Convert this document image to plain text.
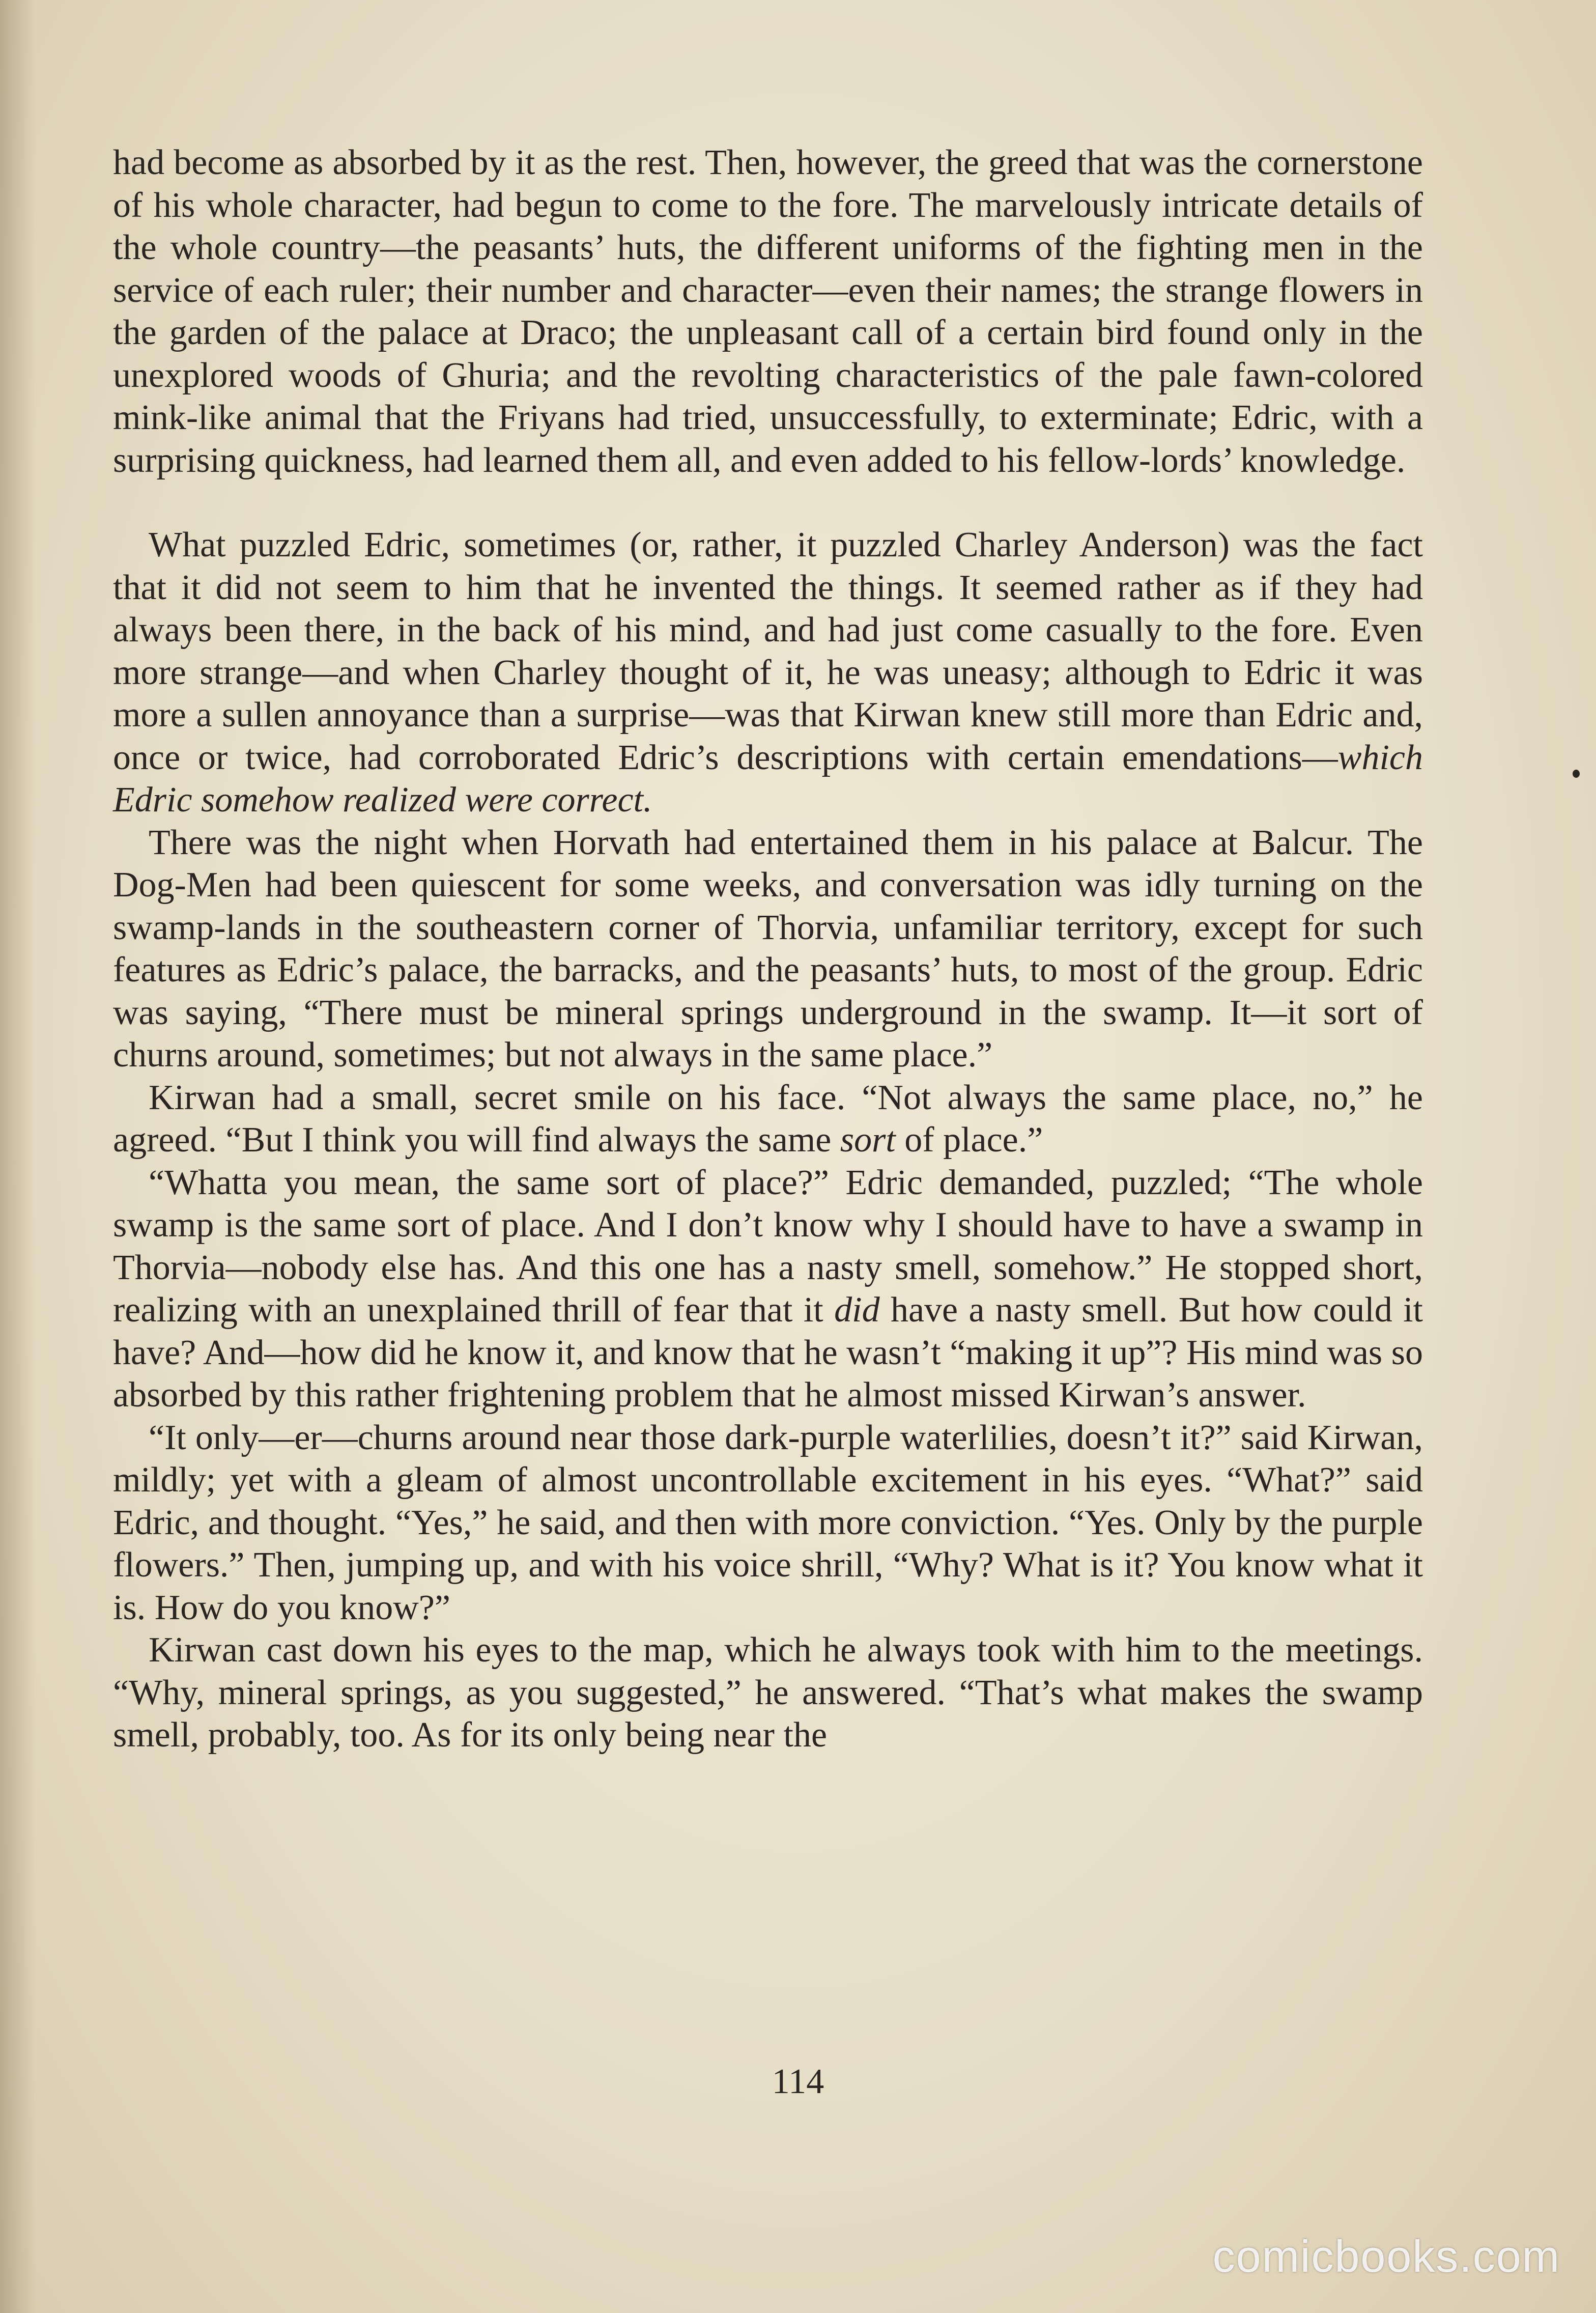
had become as absorbed by it as the rest. Then, however, the greed that was the cornerstone of his whole character, had begun to come to the fore. The marvelously intricate details of the whole country—the peasants’ huts, the different uniforms of the fighting men in the service of each ruler; their number and character—even their names; the strange flowers in the garden of the palace at Draco; the unpleasant call of a certain bird found only in the unexplored woods of Ghuria; and the revolting characteristics of the pale fawn-colored mink-like animal that the Friyans had tried, unsuccessfully, to exterminate; Edric, with a surprising quickness, had learned them all, and even added to his fellow-lords’ knowledge.

What puzzled Edric, sometimes (or, rather, it puzzled Charley Anderson) was the fact that it did not seem to him that he invented the things. It seemed rather as if they had always been there, in the back of his mind, and had just come casually to the fore. Even more strange—and when Charley thought of it, he was uneasy; although to Edric it was more a sullen annoyance than a surprise—was that Kirwan knew still more than Edric and, once or twice, had corroborated Edric’s descriptions with certain emendations—which Edric somehow realized were correct.

There was the night when Horvath had entertained them in his palace at Balcur. The Dog-Men had been quiescent for some weeks, and conversation was idly turning on the swamp-lands in the southeastern corner of Thorvia, unfamiliar territory, except for such features as Edric’s palace, the barracks, and the peasants’ huts, to most of the group. Edric was saying, “There must be mineral springs underground in the swamp. It—it sort of churns around, sometimes; but not always in the same place.”

Kirwan had a small, secret smile on his face. “Not always the same place, no,” he agreed. “But I think you will find always the same sort of place.”

“Whatta you mean, the same sort of place?” Edric demanded, puzzled; “The whole swamp is the same sort of place. And I don’t know why I should have to have a swamp in Thorvia—nobody else has. And this one has a nasty smell, somehow.” He stopped short, realizing with an unexplained thrill of fear that it did have a nasty smell. But how could it have? And—how did he know it, and know that he wasn’t “making it up”? His mind was so absorbed by this rather frightening problem that he almost missed Kirwan’s answer.

“It only—er—churns around near those dark-purple waterlilies, doesn’t it?” said Kirwan, mildly; yet with a gleam of almost uncontrollable excitement in his eyes. “What?” said Edric, and thought. “Yes,” he said, and then with more conviction. “Yes. Only by the purple flowers.” Then, jumping up, and with his voice shrill, “Why? What is it? You know what it is. How do you know?”

Kirwan cast down his eyes to the map, which he always took with him to the meetings. “Why, mineral springs, as you suggested,” he answered. “That’s what makes the swamp smell, probably, too. As for its only being near the

114
comicbooks.com
